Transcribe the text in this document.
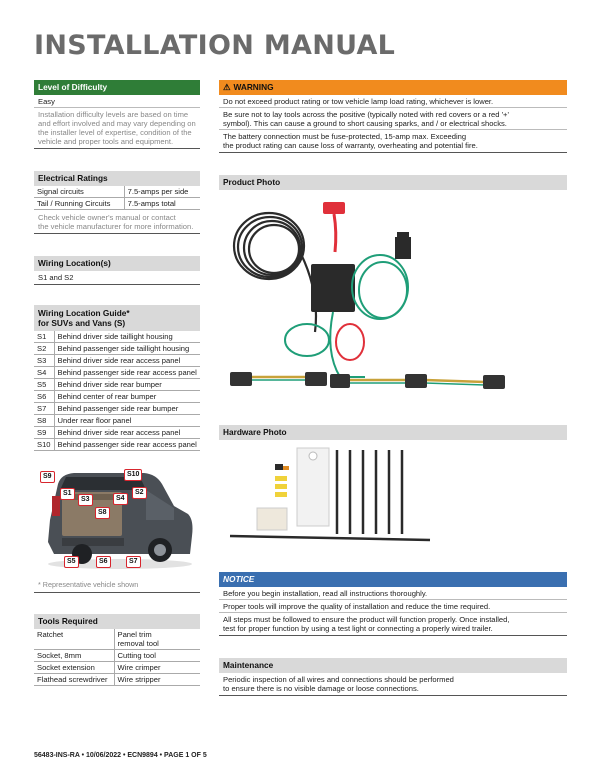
INSTALLATION MANUAL
Level of Difficulty
Easy
Installation difficulty levels are based on time
and effort involved and may vary depending on
the installer level of expertise, condition of the
vehicle and proper tools and equipment.
Electrical Ratings
Signal circuits	7.5-amps per side
Tail / Running Circuits	7.5-amps total
Check vehicle owner's manual or contact
the vehicle manufacturer for more information.
Wiring Location(s)
S1 and S2
Wiring Location Guide*
for SUVs and Vans (S)
S1	Behind driver side taillight housing
S2	Behind passenger side taillight housing
S3	Behind driver side rear access panel
S4	Behind passenger side rear access panel
S5	Behind driver side rear bumper
S6	Behind center of rear bumper
S7	Behind passenger side rear bumper
S8	Under rear floor panel
S9	Behind driver side rear access panel
S10	Behind passenger side rear access panel
S9	S10
S1
S3	S4
S2
S8
S5	S6	S7
* Representative vehicle shown
Tools Required
Ratchet	Panel trim
removal tool

Socket, 8mm	Cutting tool
Socket extension	Wire crimper
Flathead screwdriver	Wire stripper
⚠ WARNING
Do not exceed product rating or tow vehicle lamp load rating, whichever is lower.
Be sure not to lay tools across the positive (typically noted with red covers or a red '+'
symbol). This can cause a ground to short causing sparks, and / or electrical shocks.
The battery connection must be fuse-protected, 15-amp max. Exceeding
the product rating can cause loss of warranty, overheating and potential fire.
Product Photo
Hardware Photo
NOTICE
Before you begin installation, read all instructions thoroughly.
Proper tools will improve the quality of installation and reduce the time required.
All steps must be followed to ensure the product will function properly. Once installed,
test for proper function by using a test light or connecting a properly wired trailer.
Maintenance
Periodic inspection of all wires and connections should be performed
to ensure there is no visible damage or loose connections.
56483-INS-RA • 10/06/2022 • ECN9894 • PAGE 1 OF 5
